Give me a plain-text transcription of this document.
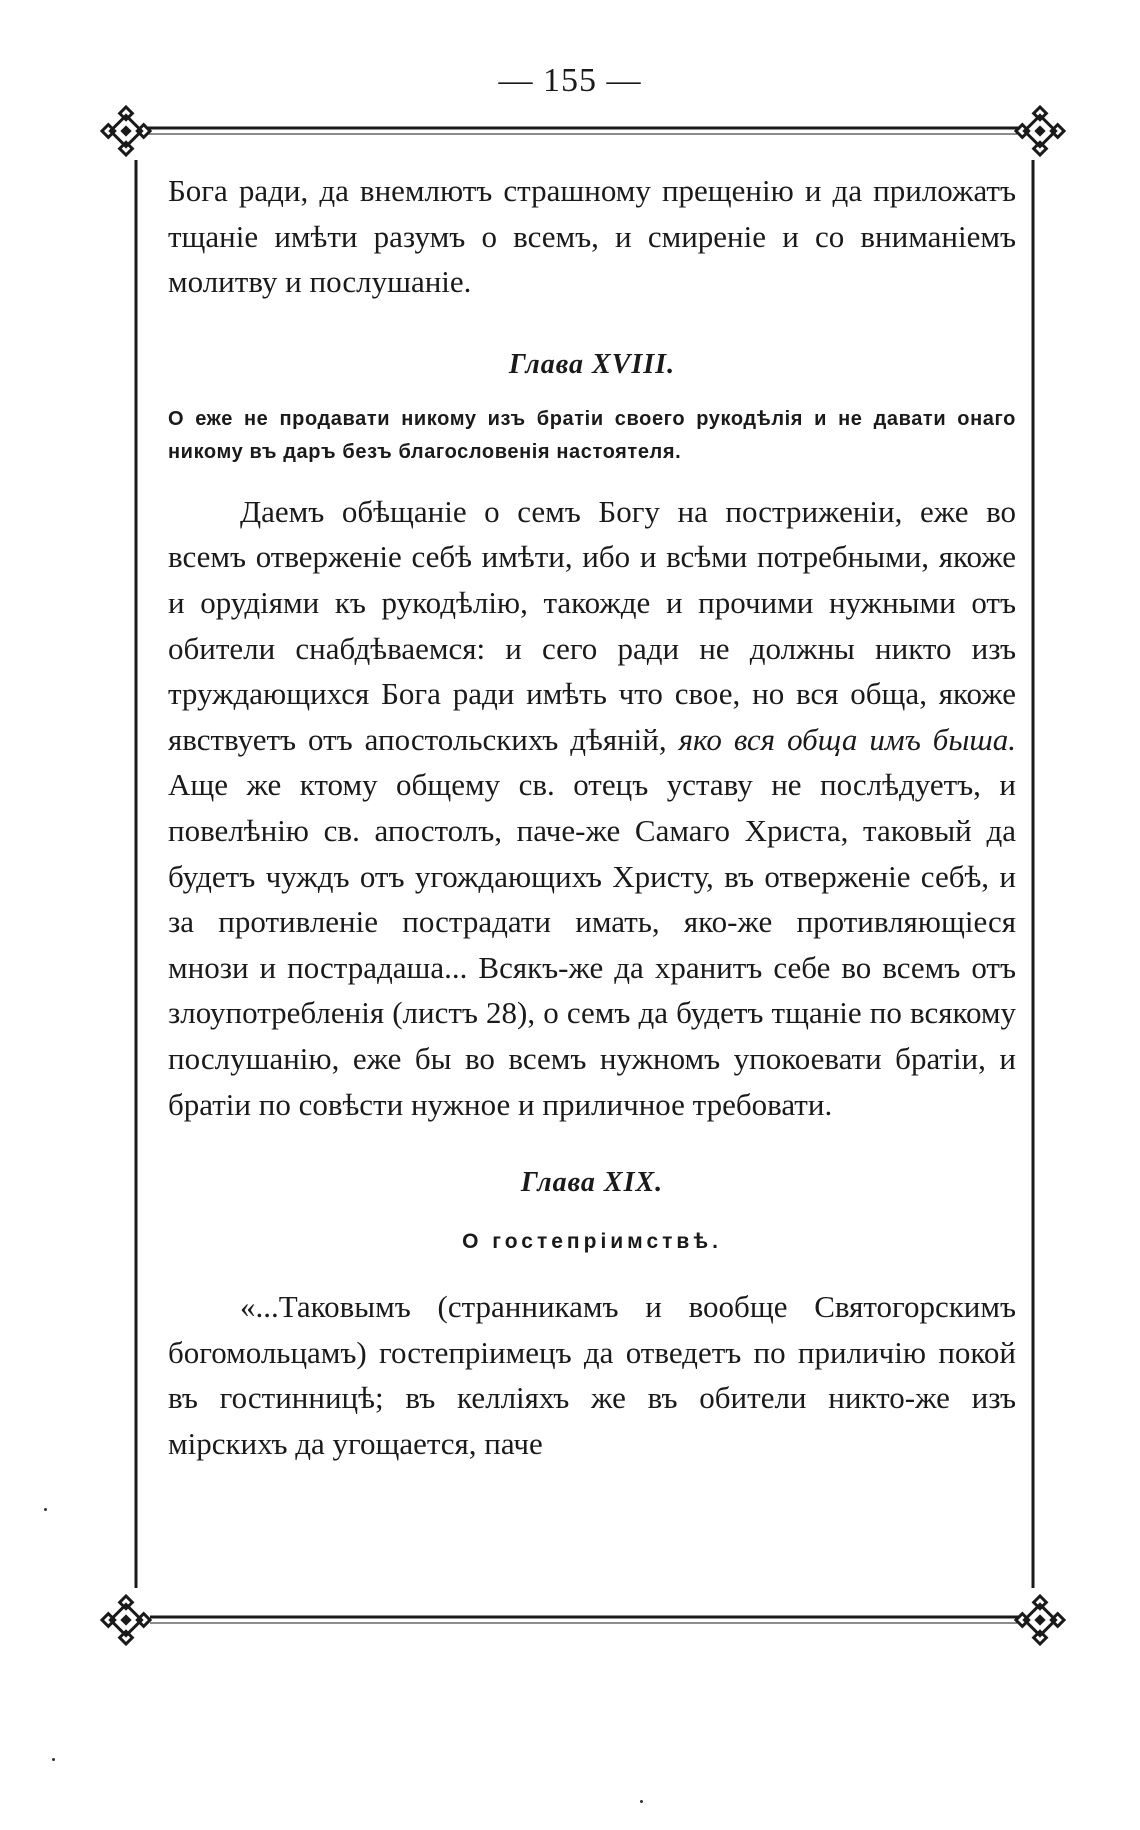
— 155 —

Бога ради, да внемлютъ страшному прещенію и да приложатъ тщаніе имѣти разумъ о всемъ, и смиреніе и со вниманіемъ молитву и послушаніе.

Глава XVIII.

О еже не продавати никому изъ братіи своего рукодѣлія и не давати онаго никому въ даръ безъ благословенія настоятеля.

Даемъ обѣщаніе о семъ Богу на постриженіи, еже во всемъ отверженіе себѣ имѣти, ибо и всѣми потребными, якоже и орудіями къ рукодѣлію, такожде и прочими нужными отъ обители снабдѣваемся: и сего ради не должны никто изъ труждающихся Бога ради имѣть что свое, но вся обща, якоже явствуетъ отъ апостольскихъ дѣяній, яко вся обща имъ быша. Аще же ктому общему св. отецъ уставу не послѣдуетъ, и повелѣнію св. апостолъ, паче-же Самаго Христа, таковый да будетъ чуждъ отъ угождающихъ Христу, въ отверженіе себѣ, и за противленіе пострадати имать, яко-же противляющіеся мнози и пострадаша... Всякъ-же да хранитъ себе во всемъ отъ злоупотребленія (листъ 28), о семъ да будетъ тщаніе по всякому послушанію, еже бы во всемъ нужномъ упокоевати братіи, и братіи по совѣсти нужное и приличное требовати.

Глава XIX.

О гостепріимствѣ.

«...Таковымъ (странникамъ и вообще Святогорскимъ богомольцамъ) гостепріимецъ да отведетъ по приличію покой въ гостинницѣ; въ келліяхъ же въ обители никто-же изъ мірскихъ да угощается, паче
